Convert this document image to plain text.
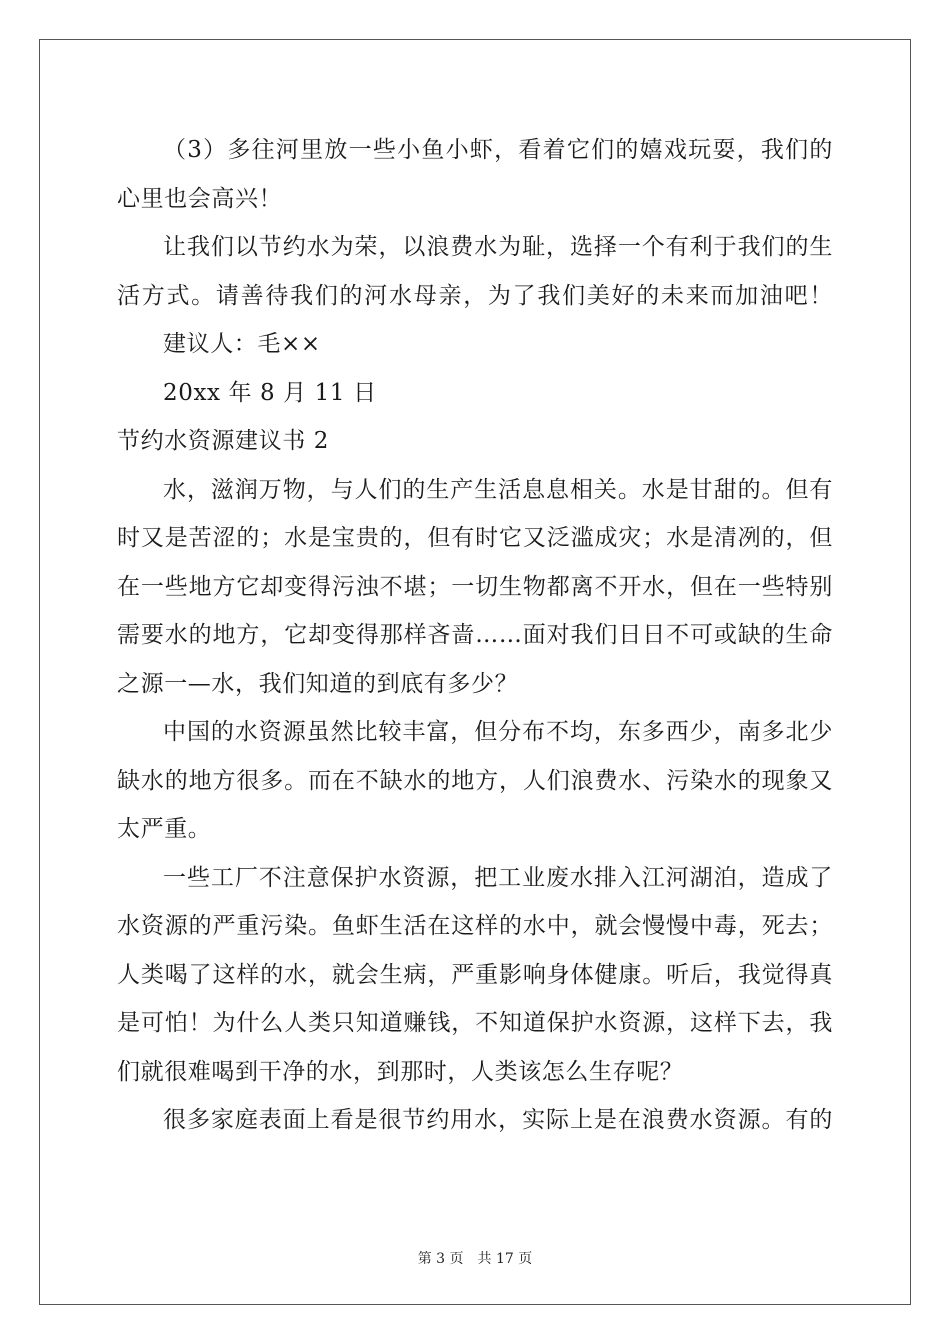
（3）多往河里放一些小鱼小虾，看着它们的嬉戏玩耍，我们的
心里也会高兴！
让我们以节约水为荣，以浪费水为耻，选择一个有利于我们的生
活方式。请善待我们的河水母亲，为了我们美好的未来而加油吧！
建议人：毛××
20xx 年 8 月 11 日
节约水资源建议书 2
水，滋润万物，与人们的生产生活息息相关。水是甘甜的。但有
时又是苦涩的；水是宝贵的，但有时它又泛滥成灾；水是清冽的，但
在一些地方它却变得污浊不堪；一切生物都离不开水，但在一些特别
需要水的地方，它却变得那样吝啬……面对我们日日不可或缺的生命
之源一—水，我们知道的到底有多少？
中国的水资源虽然比较丰富，但分布不均，东多西少，南多北少
缺水的地方很多。而在不缺水的地方，人们浪费水、污染水的现象又
太严重。
一些工厂不注意保护水资源，把工业废水排入江河湖泊，造成了
水资源的严重污染。鱼虾生活在这样的水中，就会慢慢中毒，死去；
人类喝了这样的水，就会生病，严重影响身体健康。听后，我觉得真
是可怕！为什么人类只知道赚钱，不知道保护水资源，这样下去，我
们就很难喝到干净的水，到那时，人类该怎么生存呢？
很多家庭表面上看是很节约用水，实际上是在浪费水资源。有的
第 3 页 共 17 页
